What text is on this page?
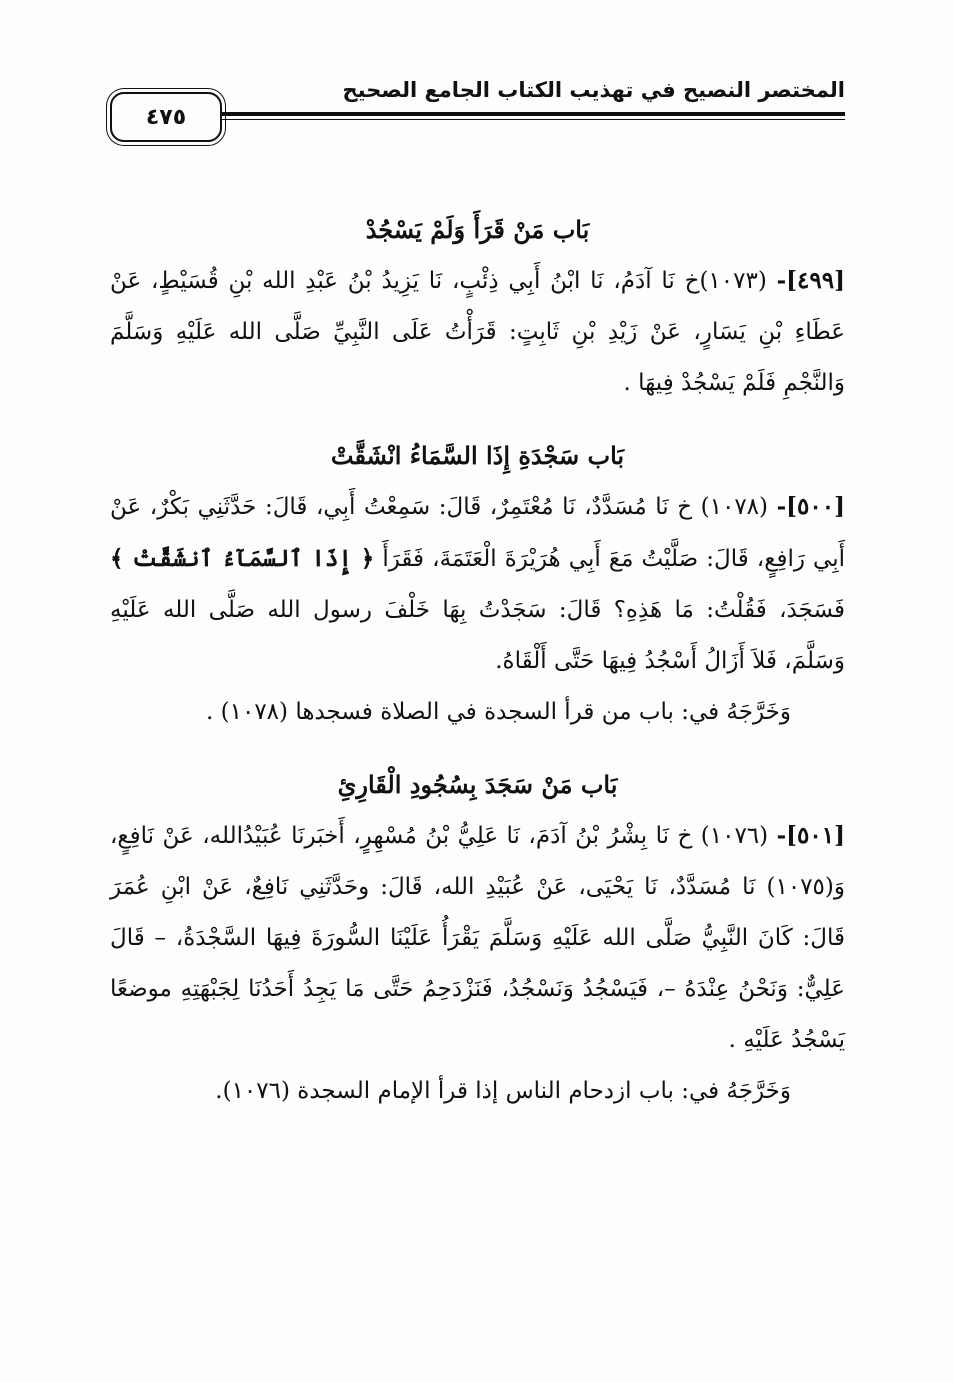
٤٧٥
المختصر النصيح في تهذيب الكتاب الجامع الصحيح
بَاب مَنْ قَرَأَ وَلَمْ يَسْجُدْ

[٤٩٩]- (١٠٧٣)خ نَا آدَمُ، نَا ابْنُ أَبِي ذِئْبٍ، نَا يَزِيدُ بْنُ عَبْدِ الله بْنِ قُسَيْطٍ، عَنْ عَطَاءِ بْنِ يَسَارٍ، عَنْ زَيْدِ بْنِ ثَابِتٍ: قَرَأْتُ عَلَى النَّبِيِّ صَلَّى الله عَلَيْهِ وَسَلَّمَ وَالنَّجْمِ فَلَمْ يَسْجُدْ فِيهَا .

بَاب سَجْدَةِ إِذَا السَّمَاءُ انْشَقَّتْ

[٥٠٠]- (١٠٧٨) خ نَا مُسَدَّدٌ، نَا مُعْتَمِرٌ، قَالَ: سَمِعْتُ أَبِي، قَالَ: حَدَّثَنِي بَكْرٌ، عَنْ أَبِي رَافِعٍ، قَالَ: صَلَّيْتُ مَعَ أَبِي هُرَيْرَةَ الْعَتَمَةَ، فَقَرَأَ ﴿ إِذَا ٱلسَّمَآءُ ٱنشَقَّتْ ﴾ فَسَجَدَ، فَقُلْتُ: مَا هَذِهِ؟ قَالَ: سَجَدْتُ بِهَا خَلْفَ رسول الله صَلَّى الله عَلَيْهِ وَسَلَّمَ، فَلاَ أَزَالُ أَسْجُدُ فِيهَا حَتَّى أَلْقَاهُ.

وَخَرَّجَهُ في: باب من قرأ السجدة في الصلاة فسجدها (١٠٧٨) .

بَاب مَنْ سَجَدَ بِسُجُودِ الْقَارِئِ

[٥٠١]- (١٠٧٦) خ نَا بِشْرُ بْنُ آدَمَ، نَا عَلِيُّ بْنُ مُسْهِرٍ، أَخبَرنَا عُبَيْدُالله، عَنْ نَافِعٍ، وَ(١٠٧٥) نَا مُسَدَّدٌ، نَا يَحْيَى، عَنْ عُبَيْدِ الله، قَالَ: وحَدَّثَنِي نَافِعٌ، عَنْ ابْنِ عُمَرَ قَالَ: كَانَ النَّبِيُّ صَلَّى الله عَلَيْهِ وَسَلَّمَ يَقْرَأُ عَلَيْنَا السُّورَةَ فِيهَا السَّجْدَةُ، – قَالَ عَلِيٌّ: وَنَحْنُ عِنْدَهُ –، فَيَسْجُدُ وَنَسْجُدُ، فَنَزْدَحِمُ حَتَّى مَا يَجِدُ أَحَدُنَا لِجَبْهَتِهِ موضعًا يَسْجُدُ عَلَيْهِ .

وَخَرَّجَهُ في: باب ازدحام الناس إذا قرأ الإمام السجدة (١٠٧٦).
